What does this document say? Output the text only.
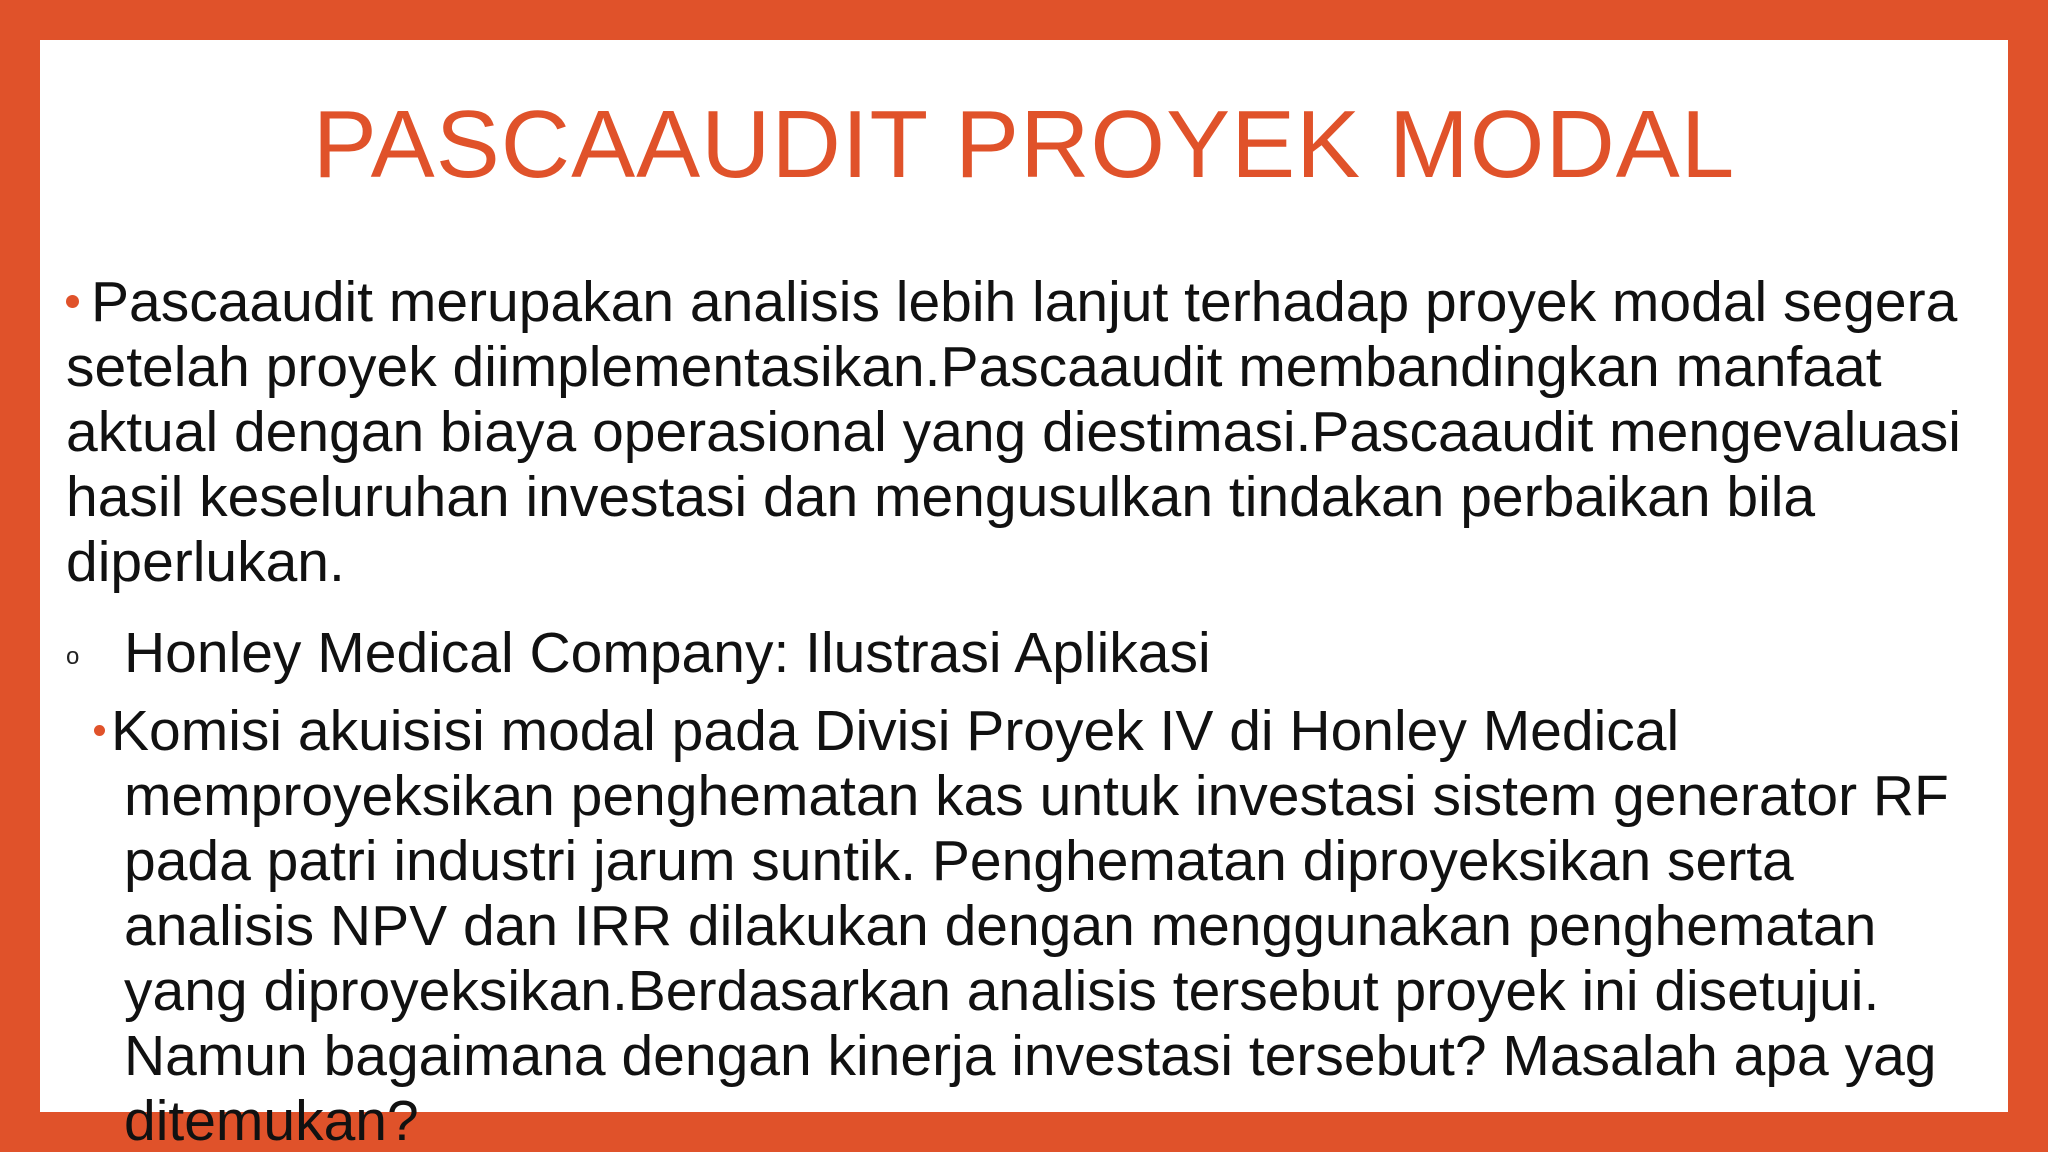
PASCAAUDIT PROYEK MODAL
Pascaaudit merupakan analisis lebih lanjut terhadap proyek modal segera setelah proyek diimplementasikan.Pascaaudit membandingkan manfaat aktual dengan biaya operasional yang diestimasi.Pascaaudit mengevaluasi hasil keseluruhan investasi dan mengusulkan tindakan perbaikan bila diperlukan.
o Honley Medical Company: Ilustrasi Aplikasi
Komisi akuisisi modal pada Divisi Proyek IV di Honley Medical memproyeksikan penghematan kas untuk investasi sistem generator RF pada patri industri jarum suntik. Penghematan diproyeksikan serta analisis NPV dan IRR dilakukan dengan menggunakan penghematan yang diproyeksikan.Berdasarkan analisis tersebut proyek ini disetujui. Namun bagaimana dengan kinerja investasi tersebut? Masalah apa yag ditemukan?
